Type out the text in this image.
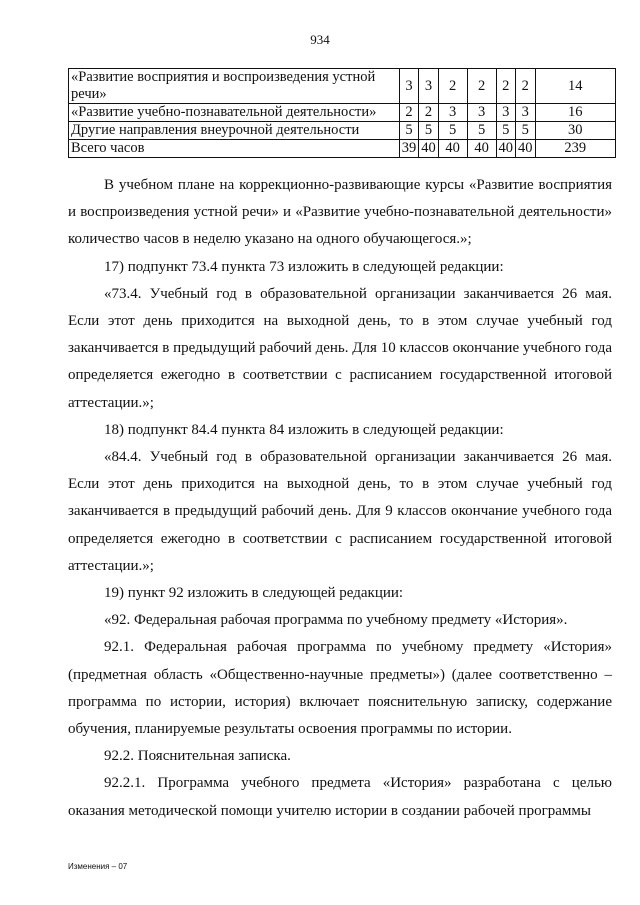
934
«Развитие восприятия и воспроизведения устной речи»	3	3	2	2	2	2	14
«Развитие учебно-познавательной деятельности»	2	2	3	3	3	3	16
Другие направления внеурочной деятельности	5	5	5	5	5	5	30
Всего часов	39	40	40	40	40	40	239

В учебном плане на коррекционно-развивающие курсы «Развитие восприятия и воспроизведения устной речи» и «Развитие учебно-познавательной деятельности» количество часов в неделю указано на одного обучающегося.»;

17) подпункт 73.4 пункта 73 изложить в следующей редакции:

«73.4. Учебный год в образовательной организации заканчивается 26 мая. Если этот день приходится на выходной день, то в этом случае учебный год заканчивается в предыдущий рабочий день. Для 10 классов окончание учебного года определяется ежегодно в соответствии с расписанием государственной итоговой аттестации.»;

18) подпункт 84.4 пункта 84 изложить в следующей редакции:

«84.4. Учебный год в образовательной организации заканчивается 26 мая. Если этот день приходится на выходной день, то в этом случае учебный год заканчивается в предыдущий рабочий день. Для 9 классов окончание учебного года определяется ежегодно в соответствии с расписанием государственной итоговой аттестации.»;

19) пункт 92 изложить в следующей редакции:

«92. Федеральная рабочая программа по учебному предмету «История».

92.1. Федеральная рабочая программа по учебному предмету «История» (предметная область «Общественно-научные предметы») (далее соответственно – программа по истории, история) включает пояснительную записку, содержание обучения, планируемые результаты освоения программы по истории.

92.2. Пояснительная записка.

92.2.1. Программа учебного предмета «История» разработана с целью оказания методической помощи учителю истории в создании рабочей программы

Изменения – 07
